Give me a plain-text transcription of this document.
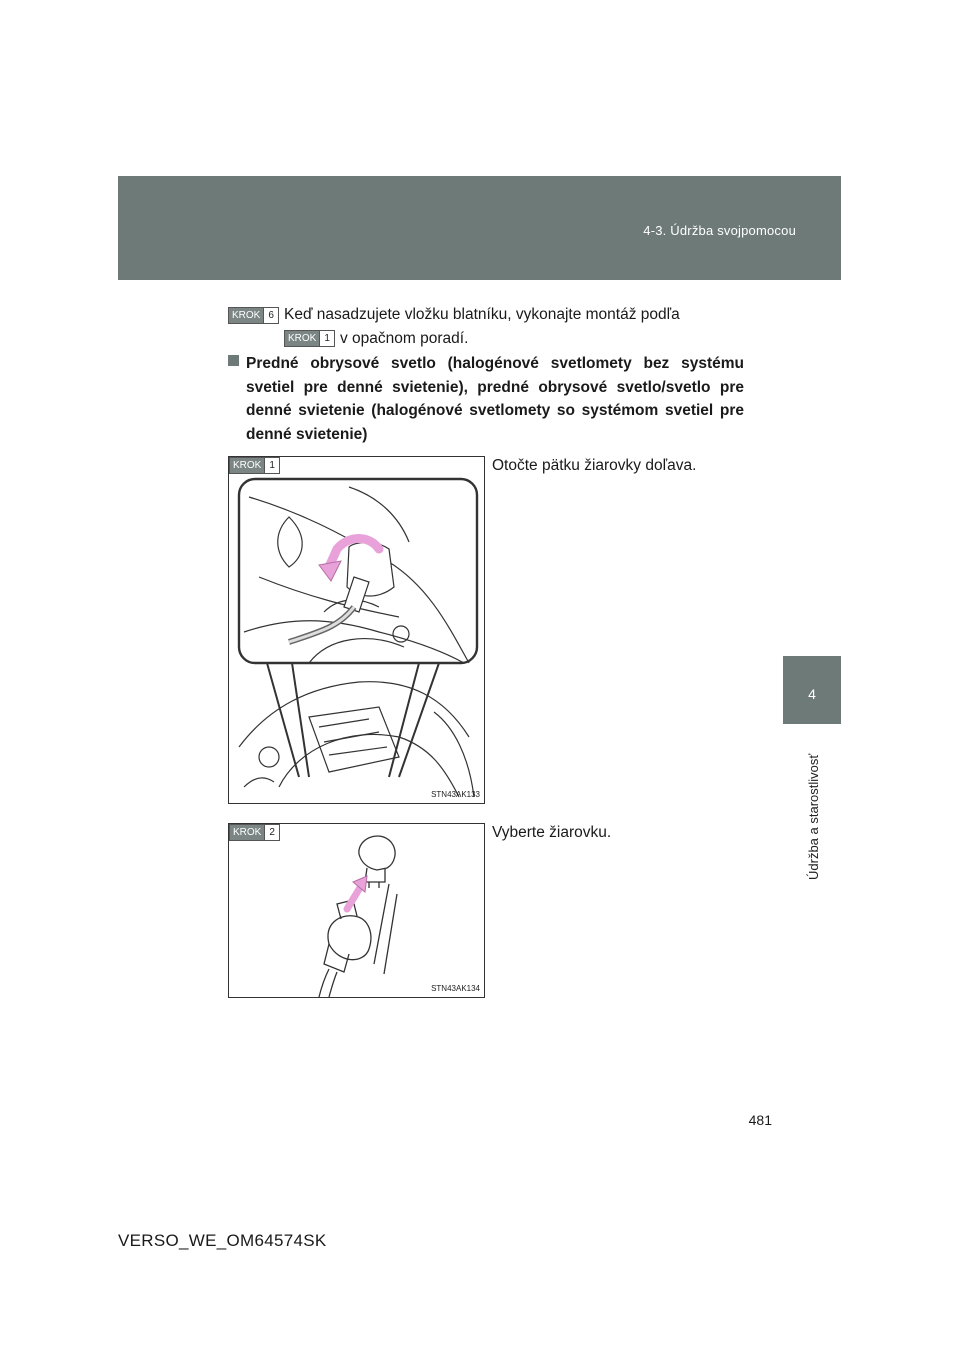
4-3. Údržba svojpomocou
4
Údržba a starostlivosť
KROK 6 Keď nasadzujete vložku blatníku, vykonajte montáž podľa
KROK 1 v opačnom poradí.
Predné obrysové svetlo (halogénové svetlomety bez systému svetiel pre denné svietenie), predné obrysové svetlo/svetlo pre denné svietenie (halogénové svetlomety so systémom svetiel pre denné svietenie)
KROK 1
STN43AK133
Otočte pätku žiarovky doľava.
KROK 2
STN43AK134
Vyberte žiarovku.
481
VERSO_WE_OM64574SK
